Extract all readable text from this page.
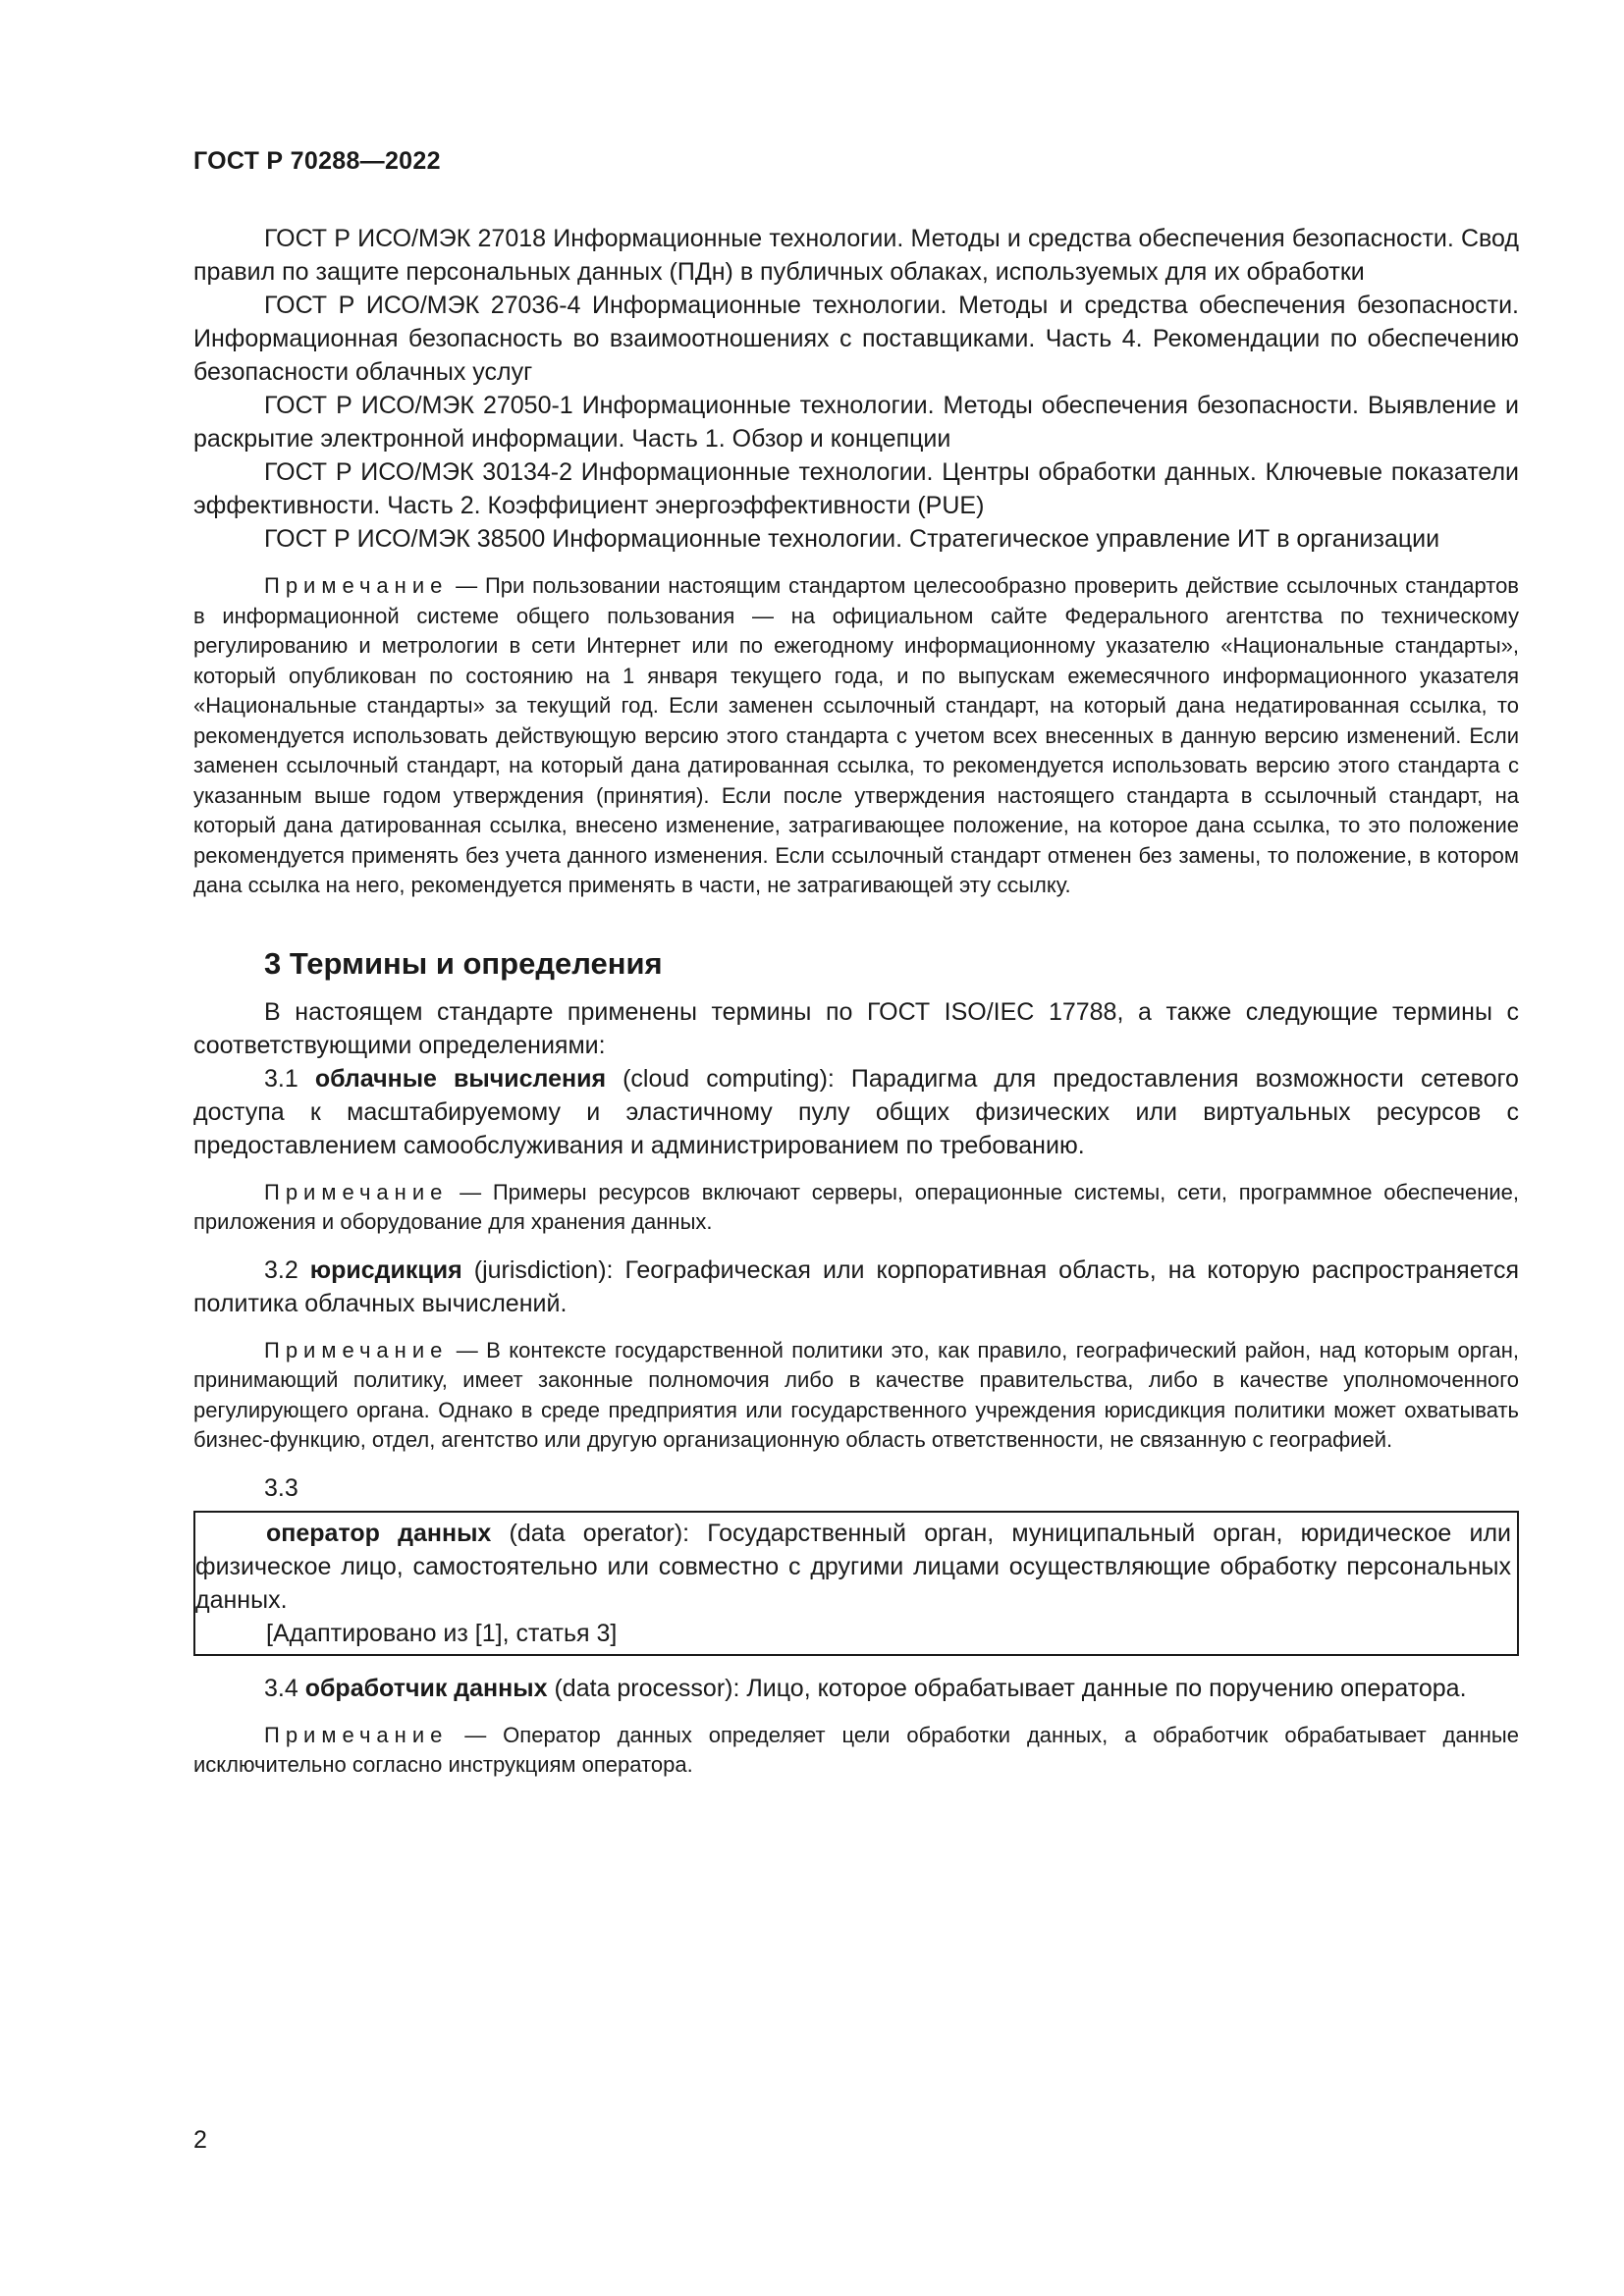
ГОСТ Р 70288—2022

ГОСТ Р ИСО/МЭК 27018 Информационные технологии. Методы и средства обеспечения безопасности. Свод правил по защите персональных данных (ПДн) в публичных облаках, используемых для их обработки

ГОСТ Р ИСО/МЭК 27036-4 Информационные технологии. Методы и средства обеспечения безопасности. Информационная безопасность во взаимоотношениях с поставщиками. Часть 4. Рекомендации по обеспечению безопасности облачных услуг

ГОСТ Р ИСО/МЭК 27050-1 Информационные технологии. Методы обеспечения безопасности. Выявление и раскрытие электронной информации. Часть 1. Обзор и концепции

ГОСТ Р ИСО/МЭК 30134-2 Информационные технологии. Центры обработки данных. Ключевые показатели эффективности. Часть 2. Коэффициент энергоэффективности (PUE)

ГОСТ Р ИСО/МЭК 38500 Информационные технологии. Стратегическое управление ИТ в организации

Примечание — При пользовании настоящим стандартом целесообразно проверить действие ссылочных стандартов в информационной системе общего пользования — на официальном сайте Федерального агентства по техническому регулированию и метрологии в сети Интернет или по ежегодному информационному указателю «Национальные стандарты», который опубликован по состоянию на 1 января текущего года, и по выпускам ежемесячного информационного указателя «Национальные стандарты» за текущий год. Если заменен ссылочный стандарт, на который дана недатированная ссылка, то рекомендуется использовать действующую версию этого стандарта с учетом всех внесенных в данную версию изменений. Если заменен ссылочный стандарт, на который дана датированная ссылка, то рекомендуется использовать версию этого стандарта с указанным выше годом утверждения (принятия). Если после утверждения настоящего стандарта в ссылочный стандарт, на который дана датированная ссылка, внесено изменение, затрагивающее положение, на которое дана ссылка, то это положение рекомендуется применять без учета данного изменения. Если ссылочный стандарт отменен без замены, то положение, в котором дана ссылка на него, рекомендуется применять в части, не затрагивающей эту ссылку.

3 Термины и определения

В настоящем стандарте применены термины по ГОСТ ISO/IEC 17788, а также следующие термины с соответствующими определениями:

3.1 облачные вычисления (cloud computing): Парадигма для предоставления возможности сетевого доступа к масштабируемому и эластичному пулу общих физических или виртуальных ресурсов с предоставлением самообслуживания и администрированием по требованию.

Примечание — Примеры ресурсов включают серверы, операционные системы, сети, программное обеспечение, приложения и оборудование для хранения данных.

3.2 юрисдикция (jurisdiction): Географическая или корпоративная область, на которую распространяется политика облачных вычислений.

Примечание — В контексте государственной политики это, как правило, географический район, над которым орган, принимающий политику, имеет законные полномочия либо в качестве правительства, либо в качестве уполномоченного регулирующего органа. Однако в среде предприятия или государственного учреждения юрисдикция политики может охватывать бизнес-функцию, отдел, агентство или другую организационную область ответственности, не связанную с географией.

3.3

оператор данных (data operator): Государственный орган, муниципальный орган, юридическое или физическое лицо, самостоятельно или совместно с другими лицами осуществляющие обработку персональных данных.

[Адаптировано из [1], статья 3]

3.4 обработчик данных (data processor): Лицо, которое обрабатывает данные по поручению оператора.

Примечание — Оператор данных определяет цели обработки данных, а обработчик обрабатывает данные исключительно согласно инструкциям оператора.

2
